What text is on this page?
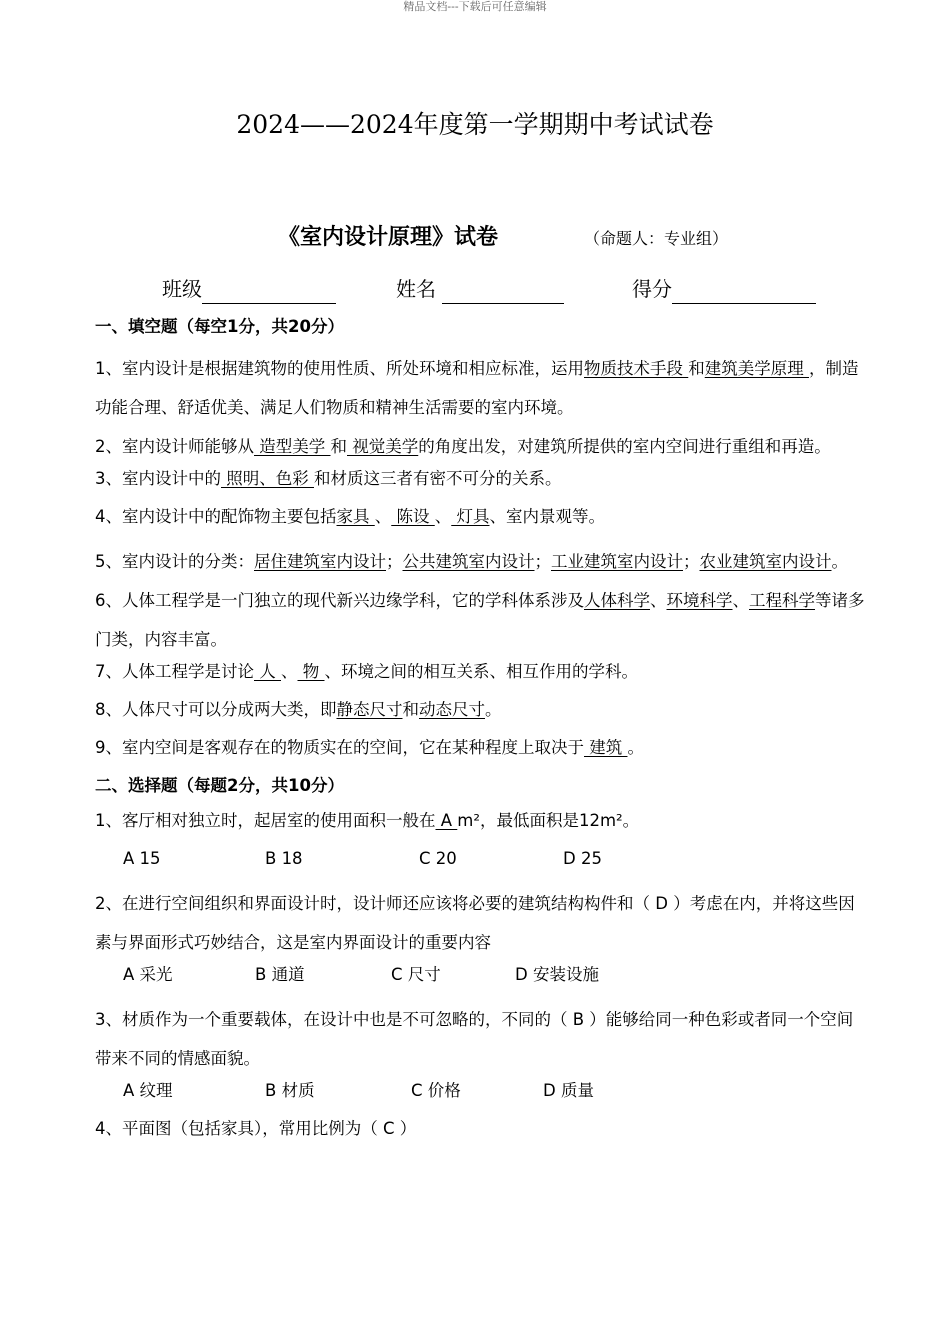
精品文档---下载后可任意编辑
2024——2024年度第一学期期中考试试卷
《室内设计原理》试卷	（命题人：专业组）
班级	姓名	得分
一、填空题（每空1分，共20分）
1、室内设计是根据建筑物的使用性质、所处环境和相应标准，运用物质技术手段 和建筑美学原理 ，制造功能合理、舒适优美、满足人们物质和精神生活需要的室内环境。
2、室内设计师能够从 造型美学 和 视觉美学的角度出发，对建筑所提供的室内空间进行重组和再造。
3、室内设计中的 照明、色彩 和材质这三者有密不可分的关系。
4、室内设计中的配饰物主要包括家具 、 陈设 、 灯具、室内景观等。
5、室内设计的分类：居住建筑室内设计；公共建筑室内设计；工业建筑室内设计；农业建筑室内设计。
6、人体工程学是一门独立的现代新兴边缘学科，它的学科体系涉及人体科学、环境科学、工程科学等诸多门类，内容丰富。
7、人体工程学是讨论 人 、 物 、环境之间的相互关系、相互作用的学科。
8、人体尺寸可以分成两大类，即静态尺寸和动态尺寸。
9、室内空间是客观存在的物质实在的空间，它在某种程度上取决于 建筑 。
二、选择题（每题2分，共10分）
1、客厅相对独立时，起居室的使用面积一般在 A m²，最低面积是12m²。
A 15	B 18	C 20	D 25
2、在进行空间组织和界面设计时，设计师还应该将必要的建筑结构构件和（ D ）考虑在内，并将这些因素与界面形式巧妙结合，这是室内界面设计的重要内容
A 采光	B 通道	C 尺寸	D 安装设施
3、材质作为一个重要载体，在设计中也是不可忽略的，不同的（ B ）能够给同一种色彩或者同一个空间带来不同的情感面貌。
A 纹理	B 材质	C 价格	D 质量
4、平面图（包括家具），常用比例为（ C ）
